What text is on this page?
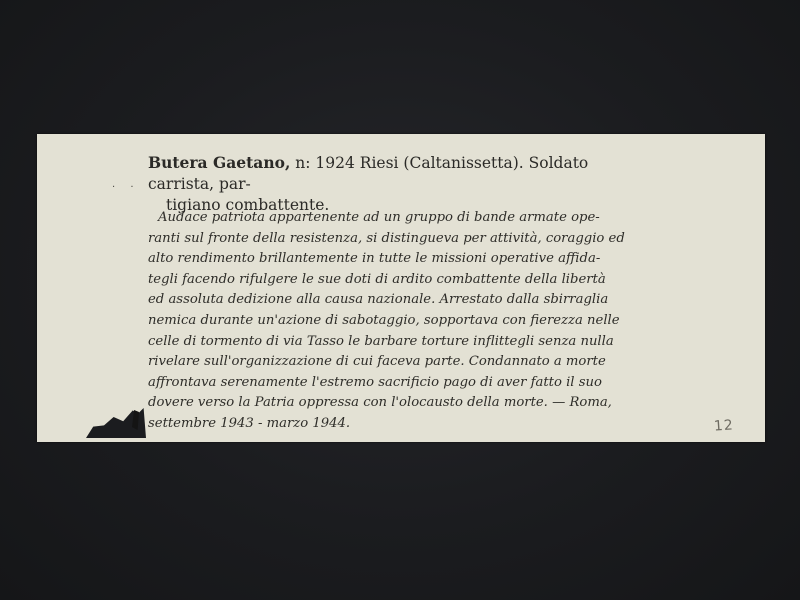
· ·
Butera Gaetano, n: 1924 Riesi (Caltanissetta). Soldato carrista, par-
tigiano combattente.
Audace patriota appartenente ad un gruppo di bande armate ope-
ranti sul fronte della resistenza, si distingueva per attività, coraggio ed
alto rendimento brillantemente in tutte le missioni operative affida-
tegli facendo rifulgere le sue doti di ardito combattente della libertà
ed assoluta dedizione alla causa nazionale. Arrestato dalla sbirraglia
nemica durante un'azione di sabotaggio, sopportava con fierezza nelle
celle di tormento di via Tasso le barbare torture inflittegli senza nulla
rivelare sull'organizzazione di cui faceva parte. Condannato a morte
affrontava serenamente l'estremo sacrificio pago di aver fatto il suo
dovere verso la Patria oppressa con l'olocausto della morte. — Roma,
settembre 1943 - marzo 1944.	12
